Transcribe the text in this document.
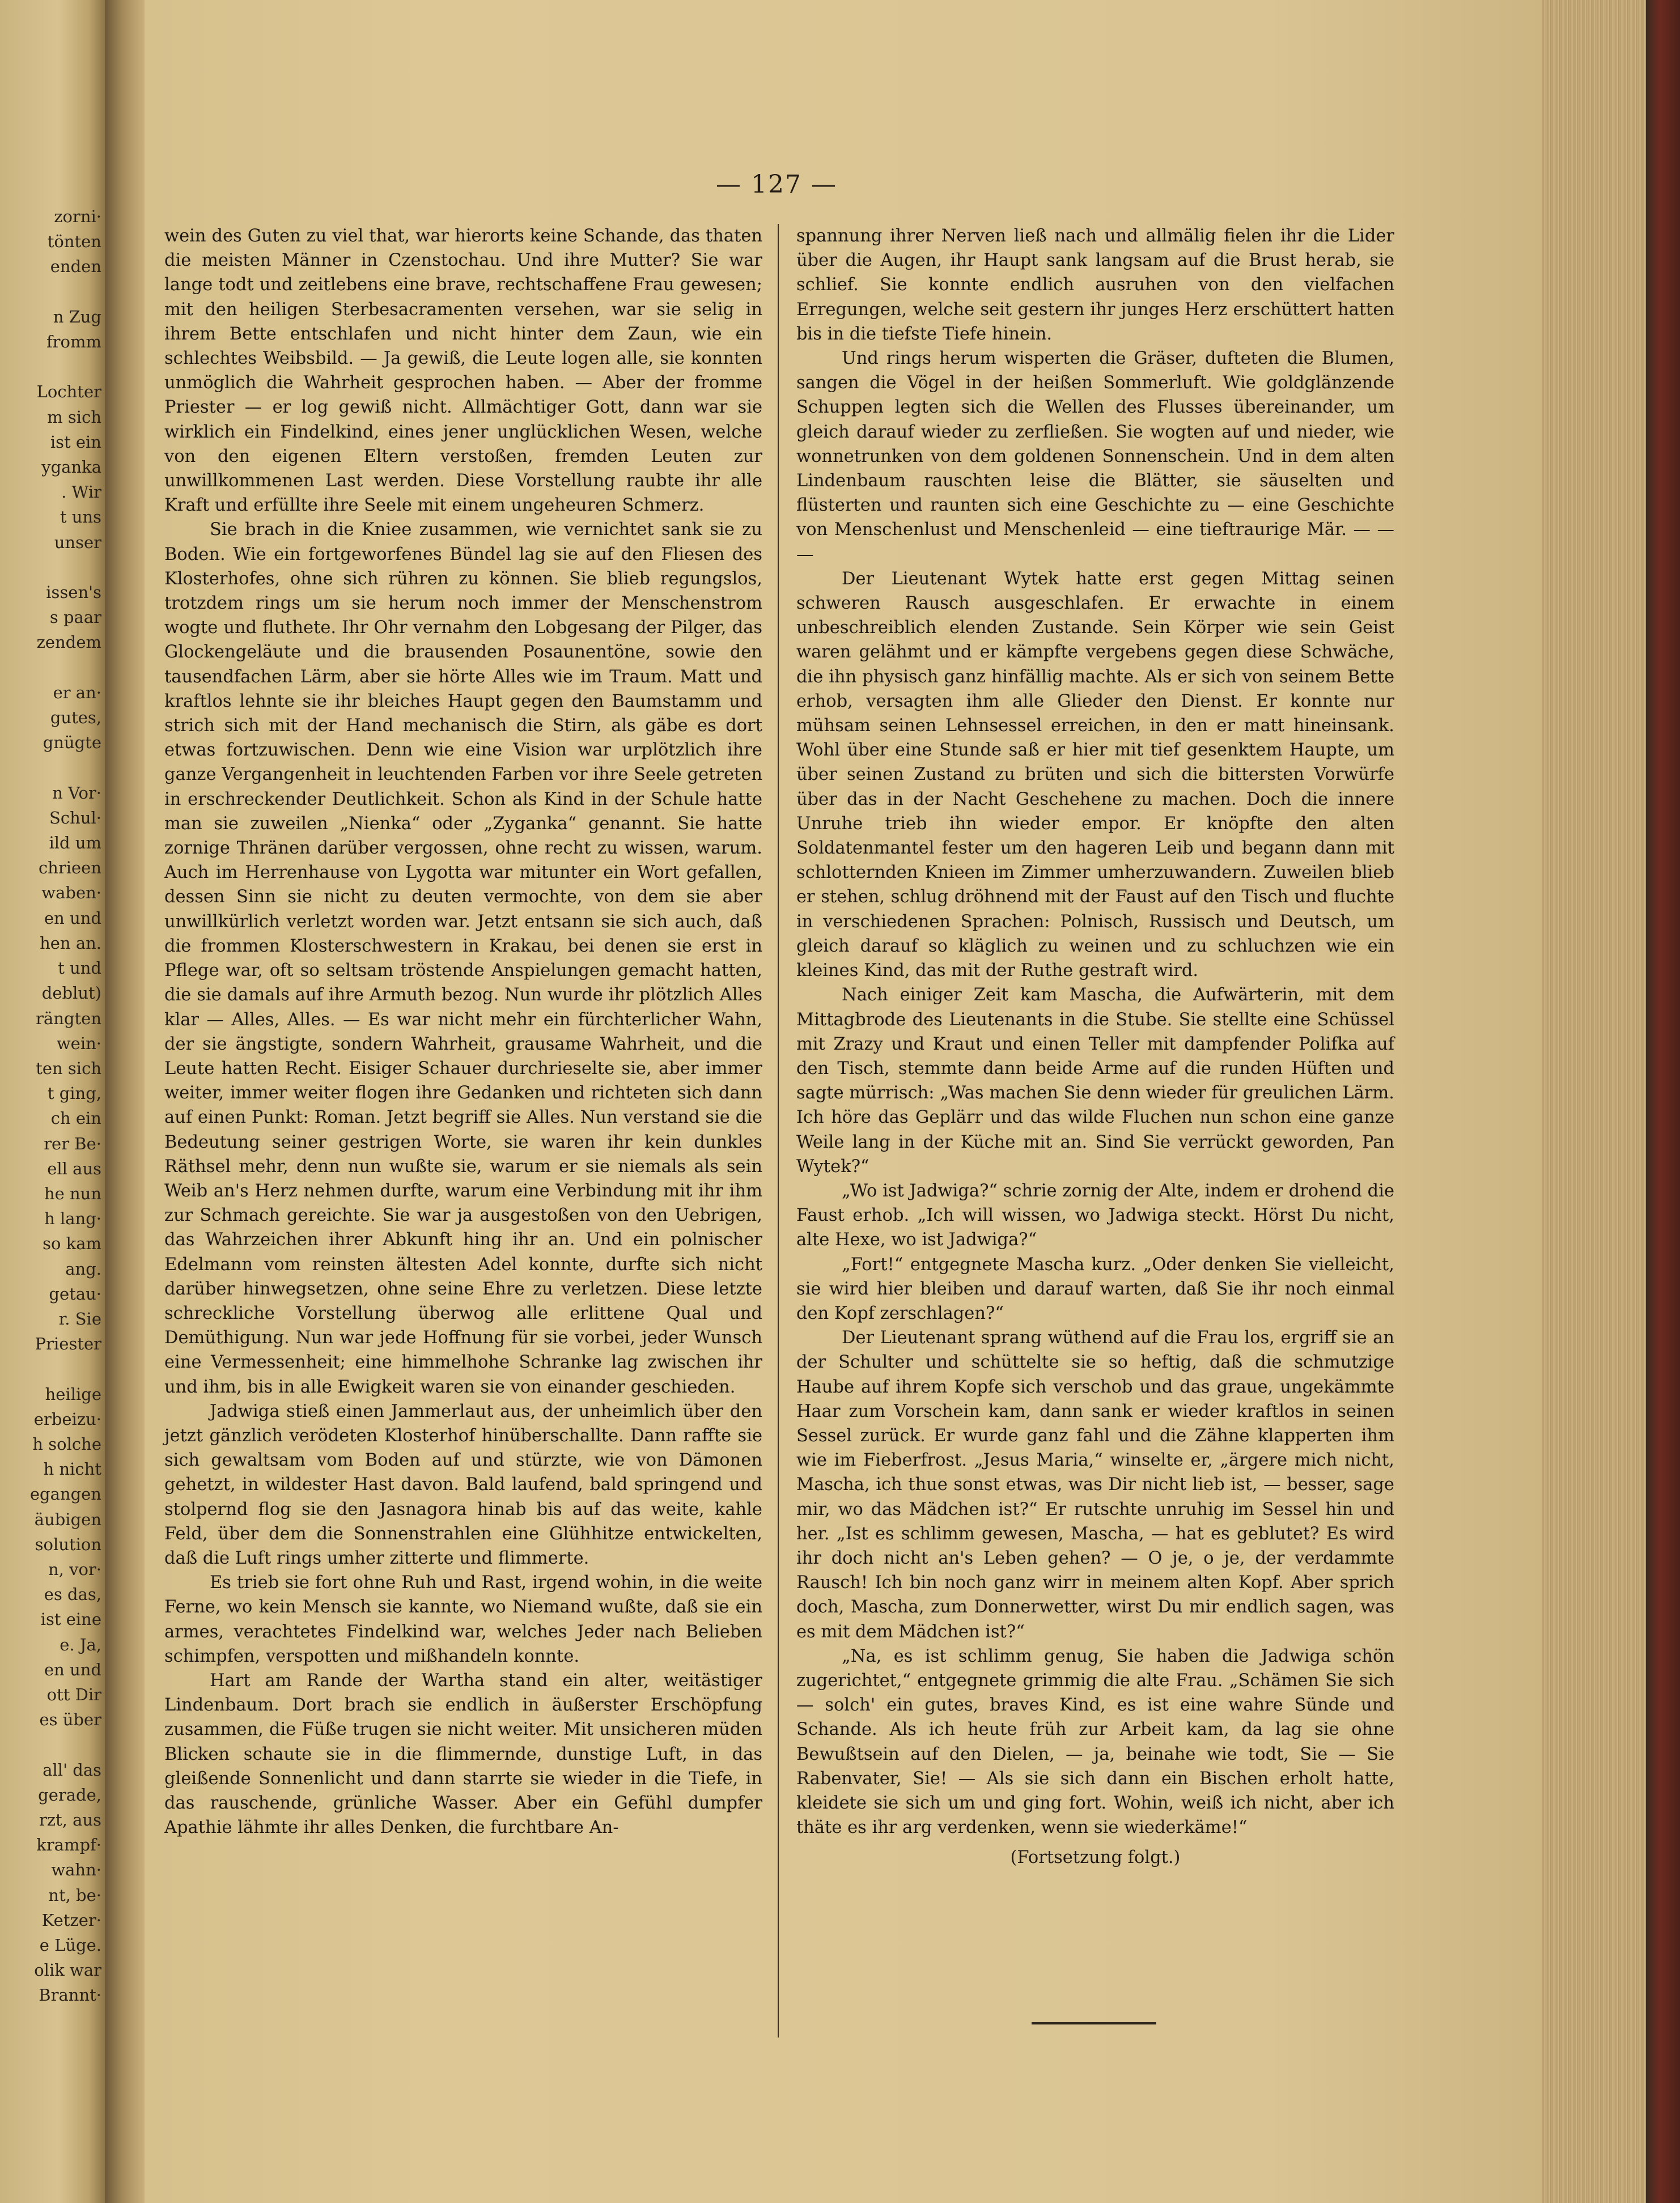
zorni·
tönten
enden

n Zug
fromm

Lochter
m sich
ist ein
yganka
. Wir
t uns
unser

issen's
s paar
zendem

er an·
gutes,
gnügte

n Vor·
Schul·
ild um
chrieen
waben·
en und
hen an.
t und
deblut)
rängten
wein·
ten sich
t ging,
ch ein
rer Be·
ell aus
he nun
h lang·
so kam
ang.
getau·
r. Sie
Priester

heilige
erbeizu·
h solche
h nicht
egangen
äubigen
solution
n, vor·
es das,
ist eine
e. Ja,
en und
ott Dir
es über

all' das
gerade,
rzt, aus
krampf·
wahn·
nt, be·
Ketzer·
e Lüge.
olik war
Brannt·
— 127 —

wein des Guten zu viel that, war hierorts keine Schande, das thaten die meisten Männer in Czenstochau. Und ihre Mutter? Sie war lange todt und zeitlebens eine brave, rechtschaffene Frau gewesen; mit den heiligen Sterbesacramenten versehen, war sie selig in ihrem Bette entschlafen und nicht hinter dem Zaun, wie ein schlechtes Weibsbild. — Ja gewiß, die Leute logen alle, sie konnten unmöglich die Wahrheit gesprochen haben. — Aber der fromme Priester — er log gewiß nicht. Allmächtiger Gott, dann war sie wirklich ein Findelkind, eines jener unglücklichen Wesen, welche von den eigenen Eltern verstoßen, fremden Leuten zur unwillkommenen Last werden. Diese Vorstellung raubte ihr alle Kraft und erfüllte ihre Seele mit einem ungeheuren Schmerz.

Sie brach in die Kniee zusammen, wie vernichtet sank sie zu Boden. Wie ein fortgeworfenes Bündel lag sie auf den Fliesen des Klosterhofes, ohne sich rühren zu können. Sie blieb regungslos, trotzdem rings um sie herum noch immer der Menschenstrom wogte und fluthete. Ihr Ohr vernahm den Lobgesang der Pilger, das Glockengeläute und die brausenden Posaunentöne, sowie den tausendfachen Lärm, aber sie hörte Alles wie im Traum. Matt und kraftlos lehnte sie ihr bleiches Haupt gegen den Baumstamm und strich sich mit der Hand mechanisch die Stirn, als gäbe es dort etwas fortzuwischen. Denn wie eine Vision war urplötzlich ihre ganze Vergangenheit in leuchtenden Farben vor ihre Seele getreten in erschreckender Deutlichkeit. Schon als Kind in der Schule hatte man sie zuweilen „Nienka“ oder „Zyganka“ genannt. Sie hatte zornige Thränen darüber vergossen, ohne recht zu wissen, warum. Auch im Herrenhause von Lygotta war mitunter ein Wort gefallen, dessen Sinn sie nicht zu deuten vermochte, von dem sie aber unwillkürlich verletzt worden war. Jetzt entsann sie sich auch, daß die frommen Klosterschwestern in Krakau, bei denen sie erst in Pflege war, oft so seltsam tröstende Anspielungen gemacht hatten, die sie damals auf ihre Armuth bezog. Nun wurde ihr plötzlich Alles klar — Alles, Alles. — Es war nicht mehr ein fürchterlicher Wahn, der sie ängstigte, sondern Wahrheit, grausame Wahrheit, und die Leute hatten Recht. Eisiger Schauer durchrieselte sie, aber immer weiter, immer weiter flogen ihre Gedanken und richteten sich dann auf einen Punkt: Roman. Jetzt begriff sie Alles. Nun verstand sie die Bedeutung seiner gestrigen Worte, sie waren ihr kein dunkles Räthsel mehr, denn nun wußte sie, warum er sie niemals als sein Weib an's Herz nehmen durfte, warum eine Verbindung mit ihr ihm zur Schmach gereichte. Sie war ja ausgestoßen von den Uebrigen, das Wahrzeichen ihrer Abkunft hing ihr an. Und ein polnischer Edelmann vom reinsten ältesten Adel konnte, durfte sich nicht darüber hinwegsetzen, ohne seine Ehre zu verletzen. Diese letzte schreckliche Vorstellung überwog alle erlittene Qual und Demüthigung. Nun war jede Hoffnung für sie vorbei, jeder Wunsch eine Vermessenheit; eine himmelhohe Schranke lag zwischen ihr und ihm, bis in alle Ewigkeit waren sie von einander geschieden.

Jadwiga stieß einen Jammerlaut aus, der unheimlich über den jetzt gänzlich verödeten Klosterhof hinüberschallte. Dann raffte sie sich gewaltsam vom Boden auf und stürzte, wie von Dämonen gehetzt, in wildester Hast davon. Bald laufend, bald springend und stolpernd flog sie den Jasnagora hinab bis auf das weite, kahle Feld, über dem die Sonnenstrahlen eine Glühhitze entwickelten, daß die Luft rings umher zitterte und flimmerte.

Es trieb sie fort ohne Ruh und Rast, irgend wohin, in die weite Ferne, wo kein Mensch sie kannte, wo Niemand wußte, daß sie ein armes, verachtetes Findelkind war, welches Jeder nach Belieben schimpfen, verspotten und mißhandeln konnte.

Hart am Rande der Wartha stand ein alter, weitästiger Lindenbaum. Dort brach sie endlich in äußerster Erschöpfung zusammen, die Füße trugen sie nicht weiter. Mit unsicheren müden Blicken schaute sie in die flimmernde, dunstige Luft, in das gleißende Sonnenlicht und dann starrte sie wieder in die Tiefe, in das rauschende, grünliche Wasser. Aber ein Gefühl dumpfer Apathie lähmte ihr alles Denken, die furchtbare An-

spannung ihrer Nerven ließ nach und allmälig fielen ihr die Lider über die Augen, ihr Haupt sank langsam auf die Brust herab, sie schlief. Sie konnte endlich ausruhen von den vielfachen Erregungen, welche seit gestern ihr junges Herz erschüttert hatten bis in die tiefste Tiefe hinein.

Und rings herum wisperten die Gräser, dufteten die Blumen, sangen die Vögel in der heißen Sommerluft. Wie goldglänzende Schuppen legten sich die Wellen des Flusses übereinander, um gleich darauf wieder zu zerfließen. Sie wogten auf und nieder, wie wonnetrunken von dem goldenen Sonnenschein. Und in dem alten Lindenbaum rauschten leise die Blätter, sie säuselten und flüsterten und raunten sich eine Geschichte zu — eine Geschichte von Menschenlust und Menschenleid — eine tieftraurige Mär. — — —

Der Lieutenant Wytek hatte erst gegen Mittag seinen schweren Rausch ausgeschlafen. Er erwachte in einem unbeschreiblich elenden Zustande. Sein Körper wie sein Geist waren gelähmt und er kämpfte vergebens gegen diese Schwäche, die ihn physisch ganz hinfällig machte. Als er sich von seinem Bette erhob, versagten ihm alle Glieder den Dienst. Er konnte nur mühsam seinen Lehnsessel erreichen, in den er matt hineinsank. Wohl über eine Stunde saß er hier mit tief gesenktem Haupte, um über seinen Zustand zu brüten und sich die bittersten Vorwürfe über das in der Nacht Geschehene zu machen. Doch die innere Unruhe trieb ihn wieder empor. Er knöpfte den alten Soldatenmantel fester um den hageren Leib und begann dann mit schlotternden Knieen im Zimmer umherzuwandern. Zuweilen blieb er stehen, schlug dröhnend mit der Faust auf den Tisch und fluchte in verschiedenen Sprachen: Polnisch, Russisch und Deutsch, um gleich darauf so kläglich zu weinen und zu schluchzen wie ein kleines Kind, das mit der Ruthe gestraft wird.

Nach einiger Zeit kam Mascha, die Aufwärterin, mit dem Mittagbrode des Lieutenants in die Stube. Sie stellte eine Schüssel mit Zrazy und Kraut und einen Teller mit dampfender Polifka auf den Tisch, stemmte dann beide Arme auf die runden Hüften und sagte mürrisch: „Was machen Sie denn wieder für greulichen Lärm. Ich höre das Geplärr und das wilde Fluchen nun schon eine ganze Weile lang in der Küche mit an. Sind Sie verrückt geworden, Pan Wytek?“

„Wo ist Jadwiga?“ schrie zornig der Alte, indem er drohend die Faust erhob. „Ich will wissen, wo Jadwiga steckt. Hörst Du nicht, alte Hexe, wo ist Jadwiga?“

„Fort!“ entgegnete Mascha kurz. „Oder denken Sie vielleicht, sie wird hier bleiben und darauf warten, daß Sie ihr noch einmal den Kopf zerschlagen?“

Der Lieutenant sprang wüthend auf die Frau los, ergriff sie an der Schulter und schüttelte sie so heftig, daß die schmutzige Haube auf ihrem Kopfe sich verschob und das graue, ungekämmte Haar zum Vorschein kam, dann sank er wieder kraftlos in seinen Sessel zurück. Er wurde ganz fahl und die Zähne klapperten ihm wie im Fieberfrost. „Jesus Maria,“ winselte er, „ärgere mich nicht, Mascha, ich thue sonst etwas, was Dir nicht lieb ist, — besser, sage mir, wo das Mädchen ist?“ Er rutschte unruhig im Sessel hin und her. „Ist es schlimm gewesen, Mascha, — hat es geblutet? Es wird ihr doch nicht an's Leben gehen? — O je, o je, der verdammte Rausch! Ich bin noch ganz wirr in meinem alten Kopf. Aber sprich doch, Mascha, zum Donnerwetter, wirst Du mir endlich sagen, was es mit dem Mädchen ist?“

„Na, es ist schlimm genug, Sie haben die Jadwiga schön zugerichtet,“ entgegnete grimmig die alte Frau. „Schämen Sie sich — solch' ein gutes, braves Kind, es ist eine wahre Sünde und Schande. Als ich heute früh zur Arbeit kam, da lag sie ohne Bewußtsein auf den Dielen, — ja, beinahe wie todt, Sie — Sie Rabenvater, Sie! — Als sie sich dann ein Bischen erholt hatte, kleidete sie sich um und ging fort. Wohin, weiß ich nicht, aber ich thäte es ihr arg verdenken, wenn sie wiederkäme!“

(Fortsetzung folgt.)
